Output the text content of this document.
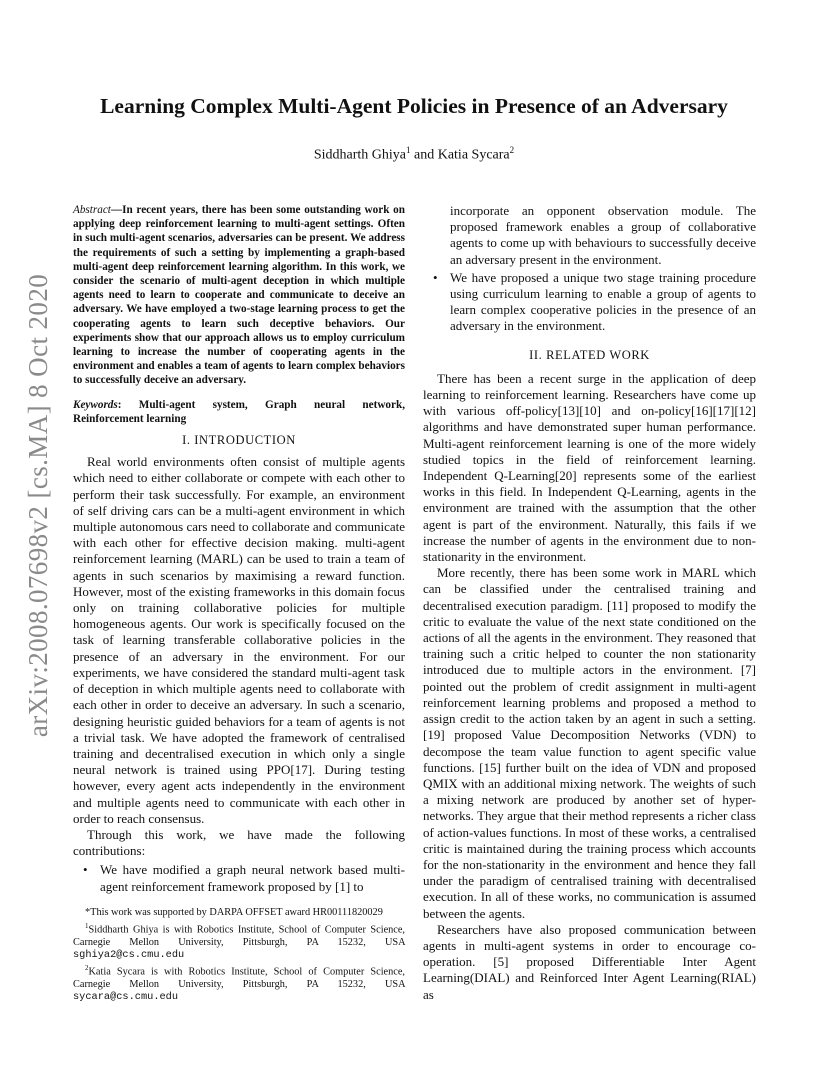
arXiv:2008.07698v2 [cs.MA] 8 Oct 2020
Learning Complex Multi-Agent Policies in Presence of an Adversary
Siddharth Ghiya$^1$ and Katia Sycara$^2$

Abstract—In recent years, there has been some outstanding work on applying deep reinforcement learning to multi-agent settings. Often in such multi-agent scenarios, adversaries can be present. We address the requirements of such a setting by implementing a graph-based multi-agent deep reinforcement learning algorithm. In this work, we consider the scenario of multi-agent deception in which multiple agents need to learn to cooperate and communicate to deceive an adversary. We have employed a two-stage learning process to get the cooperating agents to learn such deceptive behaviors. Our experiments show that our approach allows us to employ curriculum learning to increase the number of cooperating agents in the environment and enables a team of agents to learn complex behaviors to successfully deceive an adversary.

Keywords: Multi-agent system, Graph neural network, Reinforcement learning

I. INTRODUCTION

Real world environments often consist of multiple agents which need to either collaborate or compete with each other to perform their task successfully. For example, an environment of self driving cars can be a multi-agent environment in which multiple autonomous cars need to collaborate and communicate with each other for effective decision making. multi-agent reinforcement learning (MARL) can be used to train a team of agents in such scenarios by maximising a reward function. However, most of the existing frameworks in this domain focus only on training collaborative policies for multiple homogeneous agents. Our work is specifically focused on the task of learning transferable collaborative policies in the presence of an adversary in the environment. For our experiments, we have considered the standard multi-agent task of deception in which multiple agents need to collaborate with each other in order to deceive an adversary. In such a scenario, designing heuristic guided behaviors for a team of agents is not a trivial task. We have adopted the framework of centralised training and decentralised execution in which only a single neural network is trained using PPO[17]. During testing however, every agent acts independently in the environment and multiple agents need to communicate with each other in order to reach consensus.

Through this work, we have made the following contributions:

• We have modified a graph neural network based multi-agent reinforcement framework proposed by [1] to

*This work was supported by DARPA OFFSET award HR00111820029

$^1$Siddharth Ghiya is with Robotics Institute, School of Computer Science, Carnegie Mellon University, Pittsburgh, PA 15232, USA sghiya2@cs.cmu.edu

$^2$Katia Sycara is with Robotics Institute, School of Computer Science, Carnegie Mellon University, Pittsburgh, PA 15232, USA sycara@cs.cmu.edu

incorporate an opponent observation module. The proposed framework enables a group of collaborative agents to come up with behaviours to successfully deceive an adversary present in the environment.

• We have proposed a unique two stage training procedure using curriculum learning to enable a group of agents to learn complex cooperative policies in the presence of an adversary in the environment.
II. RELATED WORK

There has been a recent surge in the application of deep learning to reinforcement learning. Researchers have come up with various off-policy[13][10] and on-policy[16][17][12] algorithms and have demonstrated super human performance. Multi-agent reinforcement learning is one of the more widely studied topics in the field of reinforcement learning. Independent Q-Learning[20] represents some of the earliest works in this field. In Independent Q-Learning, agents in the environment are trained with the assumption that the other agent is part of the environment. Naturally, this fails if we increase the number of agents in the environment due to non-stationarity in the environment.

More recently, there has been some work in MARL which can be classified under the centralised training and decentralised execution paradigm. [11] proposed to modify the critic to evaluate the value of the next state conditioned on the actions of all the agents in the environment. They reasoned that training such a critic helped to counter the non stationarity introduced due to multiple actors in the environment. [7] pointed out the problem of credit assignment in multi-agent reinforcement learning problems and proposed a method to assign credit to the action taken by an agent in such a setting. [19] proposed Value Decomposition Networks (VDN) to decompose the team value function to agent specific value functions. [15] further built on the idea of VDN and proposed QMIX with an additional mixing network. The weights of such a mixing network are produced by another set of hyper-networks. They argue that their method represents a richer class of action-values functions. In most of these works, a centralised critic is maintained during the training process which accounts for the non-stationarity in the environment and hence they fall under the paradigm of centralised training with decentralised execution. In all of these works, no communication is assumed between the agents.

Researchers have also proposed communication between agents in multi-agent systems in order to encourage co-operation. [5] proposed Differentiable Inter Agent Learning(DIAL) and Reinforced Inter Agent Learning(RIAL) as
